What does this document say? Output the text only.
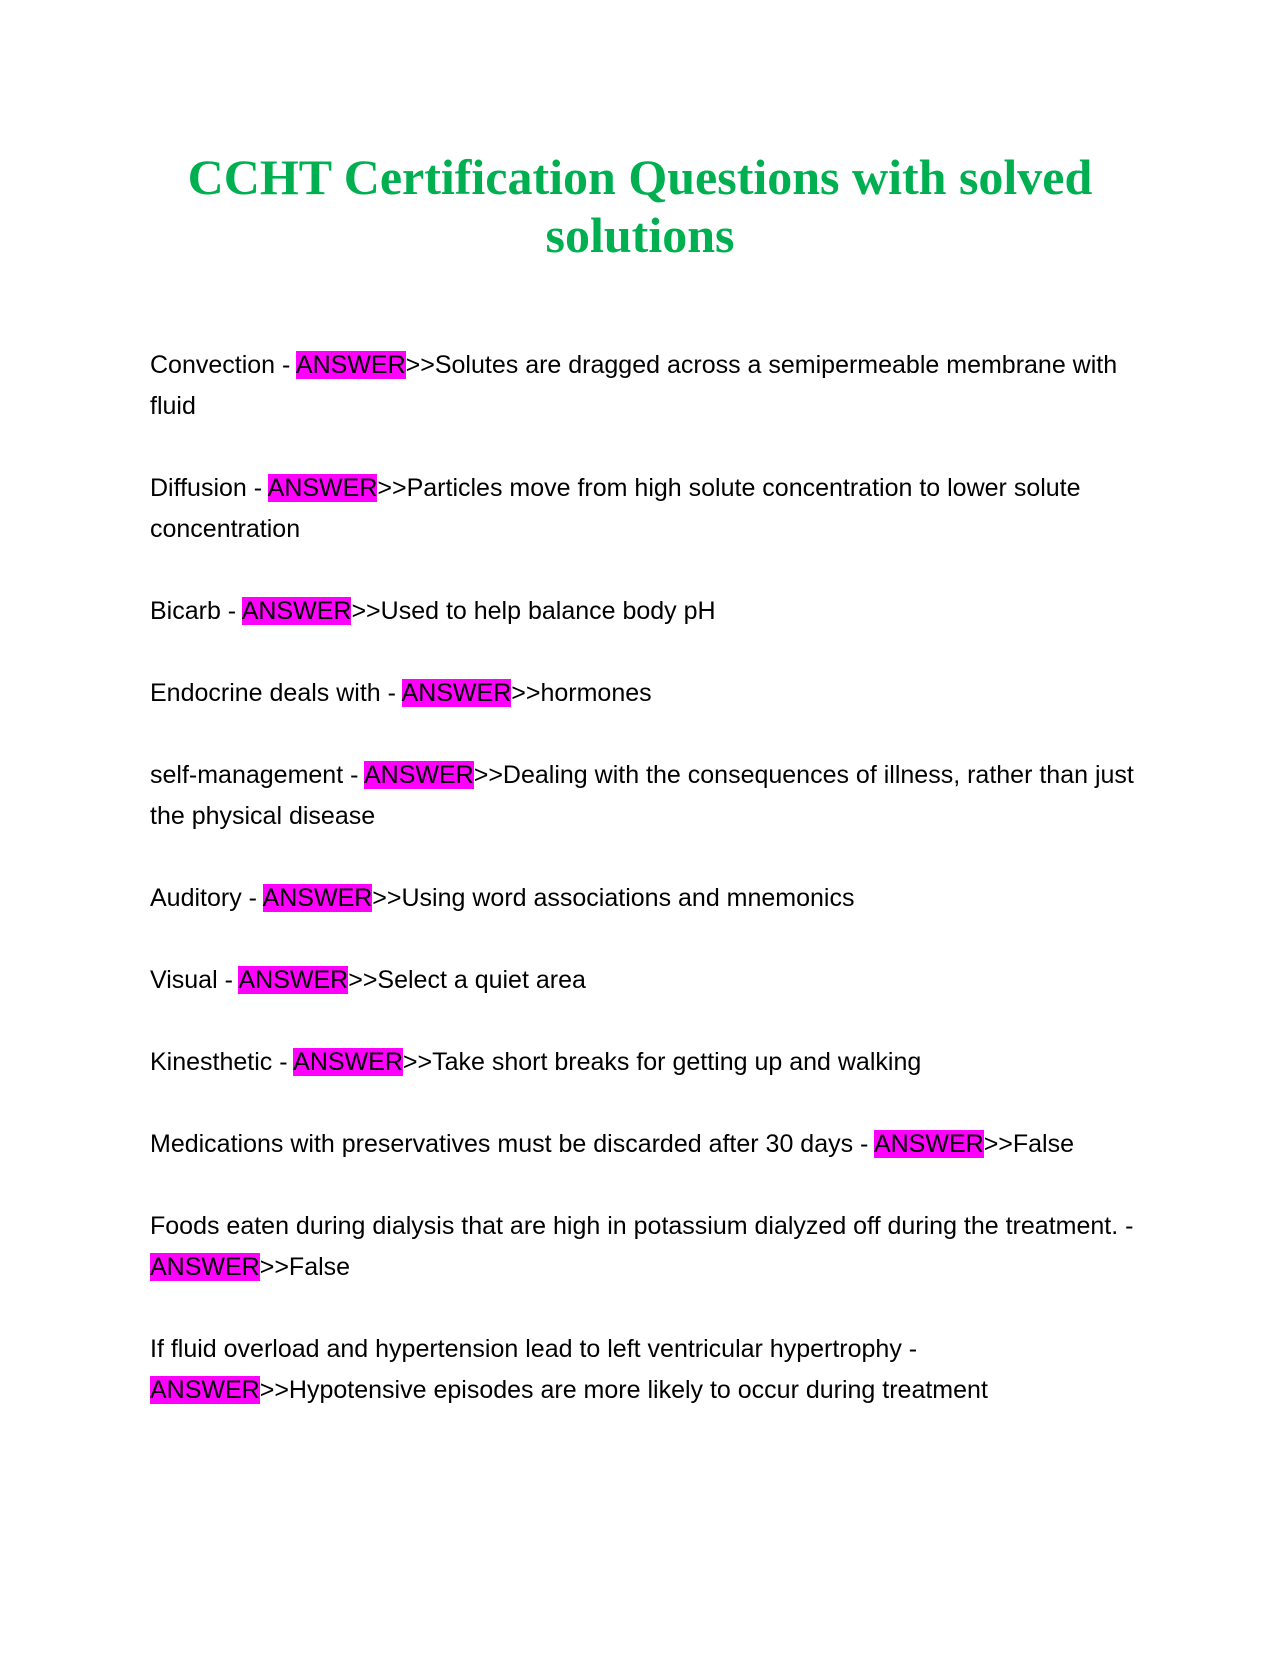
CCHT Certification Questions with solved
solutions

Convection - ANSWER>>Solutes are dragged across a semipermeable membrane with fluid

Diffusion - ANSWER>>Particles move from high solute concentration to lower solute concentration

Bicarb - ANSWER>>Used to help balance body pH

Endocrine deals with - ANSWER>>hormones

self-management - ANSWER>>Dealing with the consequences of illness, rather than just the physical disease

Auditory - ANSWER>>Using word associations and mnemonics

Visual - ANSWER>>Select a quiet area

Kinesthetic - ANSWER>>Take short breaks for getting up and walking

Medications with preservatives must be discarded after 30 days - ANSWER>>False

Foods eaten during dialysis that are high in potassium dialyzed off during the treatment. - ANSWER>>False

If fluid overload and hypertension lead to left ventricular hypertrophy - ANSWER>>Hypotensive episodes are more likely to occur during treatment
